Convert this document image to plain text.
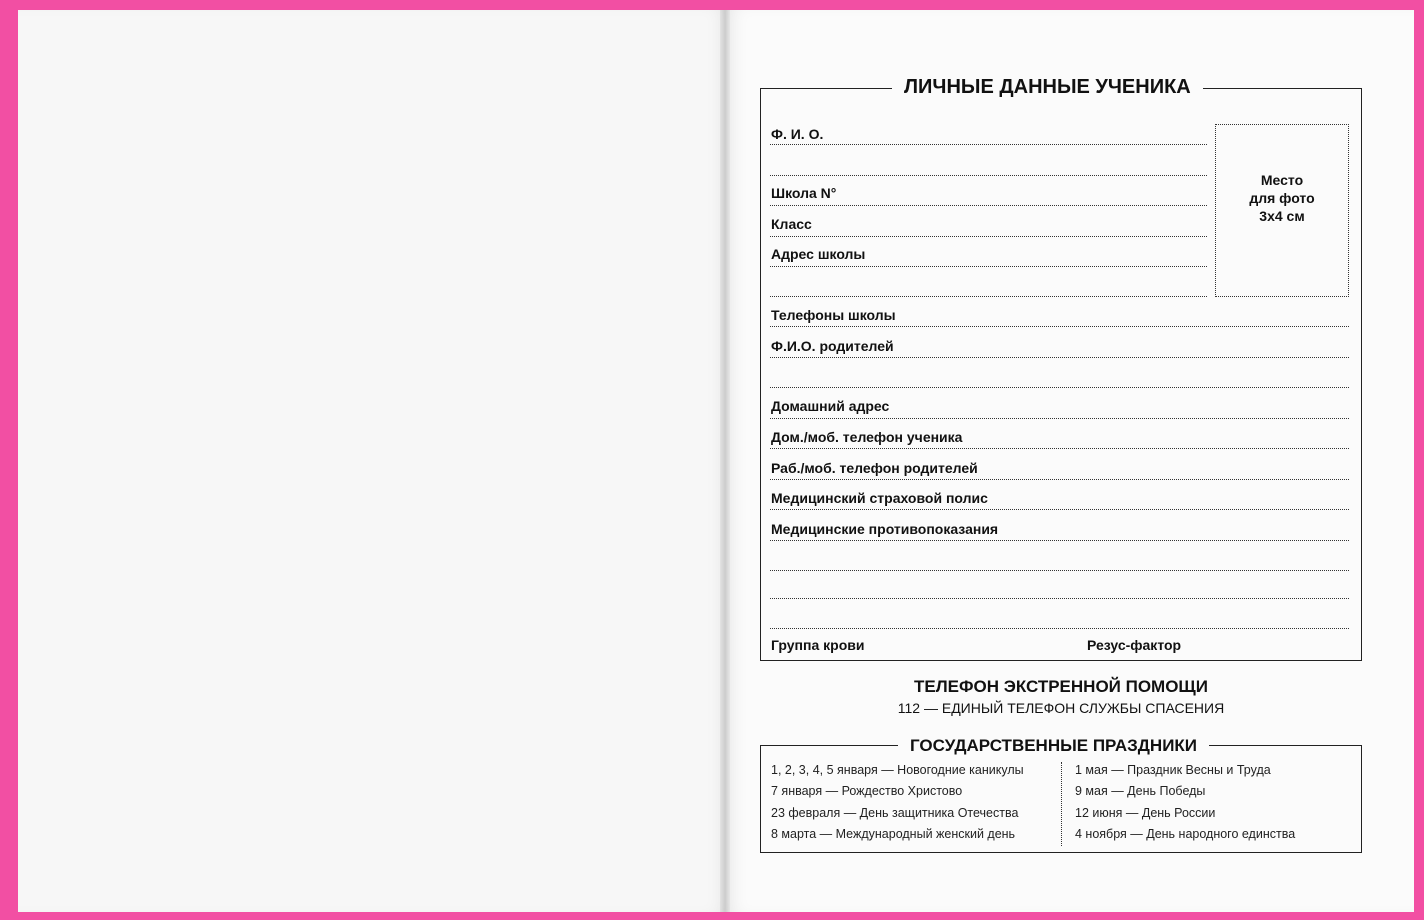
ЛИЧНЫЕ ДАННЫЕ УЧЕНИКА
Ф. И. О.
Школа N°
Класс
Адрес школы
Телефоны школы
Ф.И.О. родителей
Домашний адрес
Дом./моб. телефон ученика
Раб./моб. телефон родителей
Медицинский страховой полис
Медицинские противопоказания
Группа крови	Резус-фактор
Место
для фото
3x4 см
ТЕЛЕФОН ЭКСТРЕННОЙ ПОМОЩИ
112 — ЕДИНЫЙ ТЕЛЕФОН СЛУЖБЫ СПАСЕНИЯ
ГОСУДАРСТВЕННЫЕ ПРАЗДНИКИ
1, 2, 3, 4, 5 января — Новогодние каникулы
7 января — Рождество Христово
23 февраля — День защитника Отечества
8 марта — Международный женский день
1 мая — Праздник Весны и Труда
9 мая — День Победы
12 июня — День России
4 ноября — День народного единства
